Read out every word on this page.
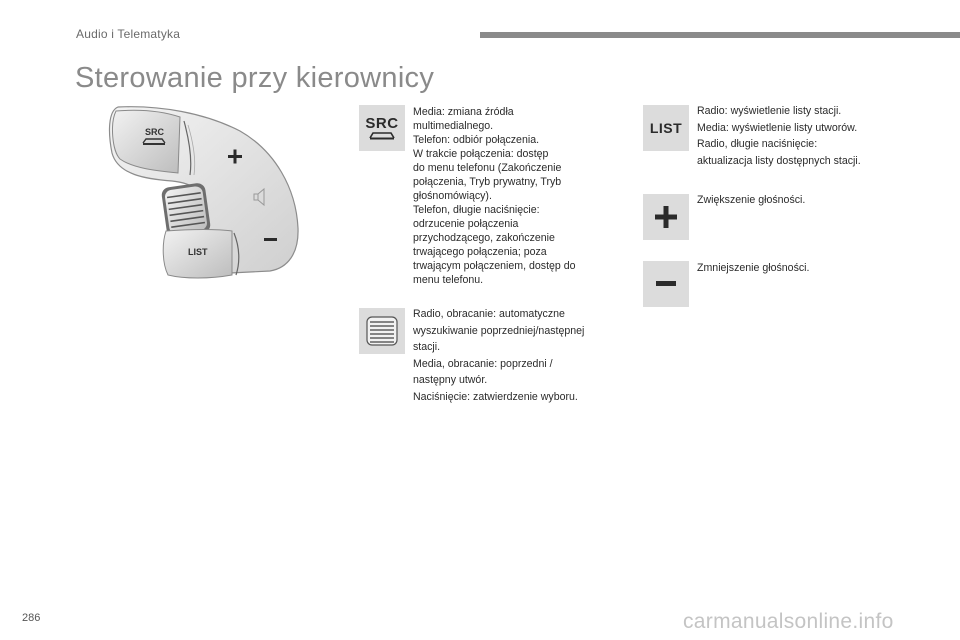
Audio i Telematyka
Sterowanie przy kierownicy
SRC
LIST
SRC

Media: zmiana źródła

multimedialnego.

Telefon: odbiór połączenia.

W trakcie połączenia: dostęp

do menu telefonu (Zakończenie

połączenia, Tryb prywatny, Tryb

głośnomówiący).

Telefon, długie naciśnięcie:

odrzucenie połączenia

przychodzącego, zakończenie

trwającego połączenia; poza

trwającym połączeniem, dostęp do

menu telefonu.

Radio, obracanie: automatyczne

wyszukiwanie poprzedniej/następnej

stacji.

Media, obracanie: poprzedni /

następny utwór.

Naciśnięcie: zatwierdzenie wyboru.

LIST

Radio: wyświetlenie listy stacji.

Media: wyświetlenie listy utworów.

Radio, długie naciśnięcie:

aktualizacja listy dostępnych stacji.

Zwiększenie głośności.

Zmniejszenie głośności.

286	carmanualsonline.info
